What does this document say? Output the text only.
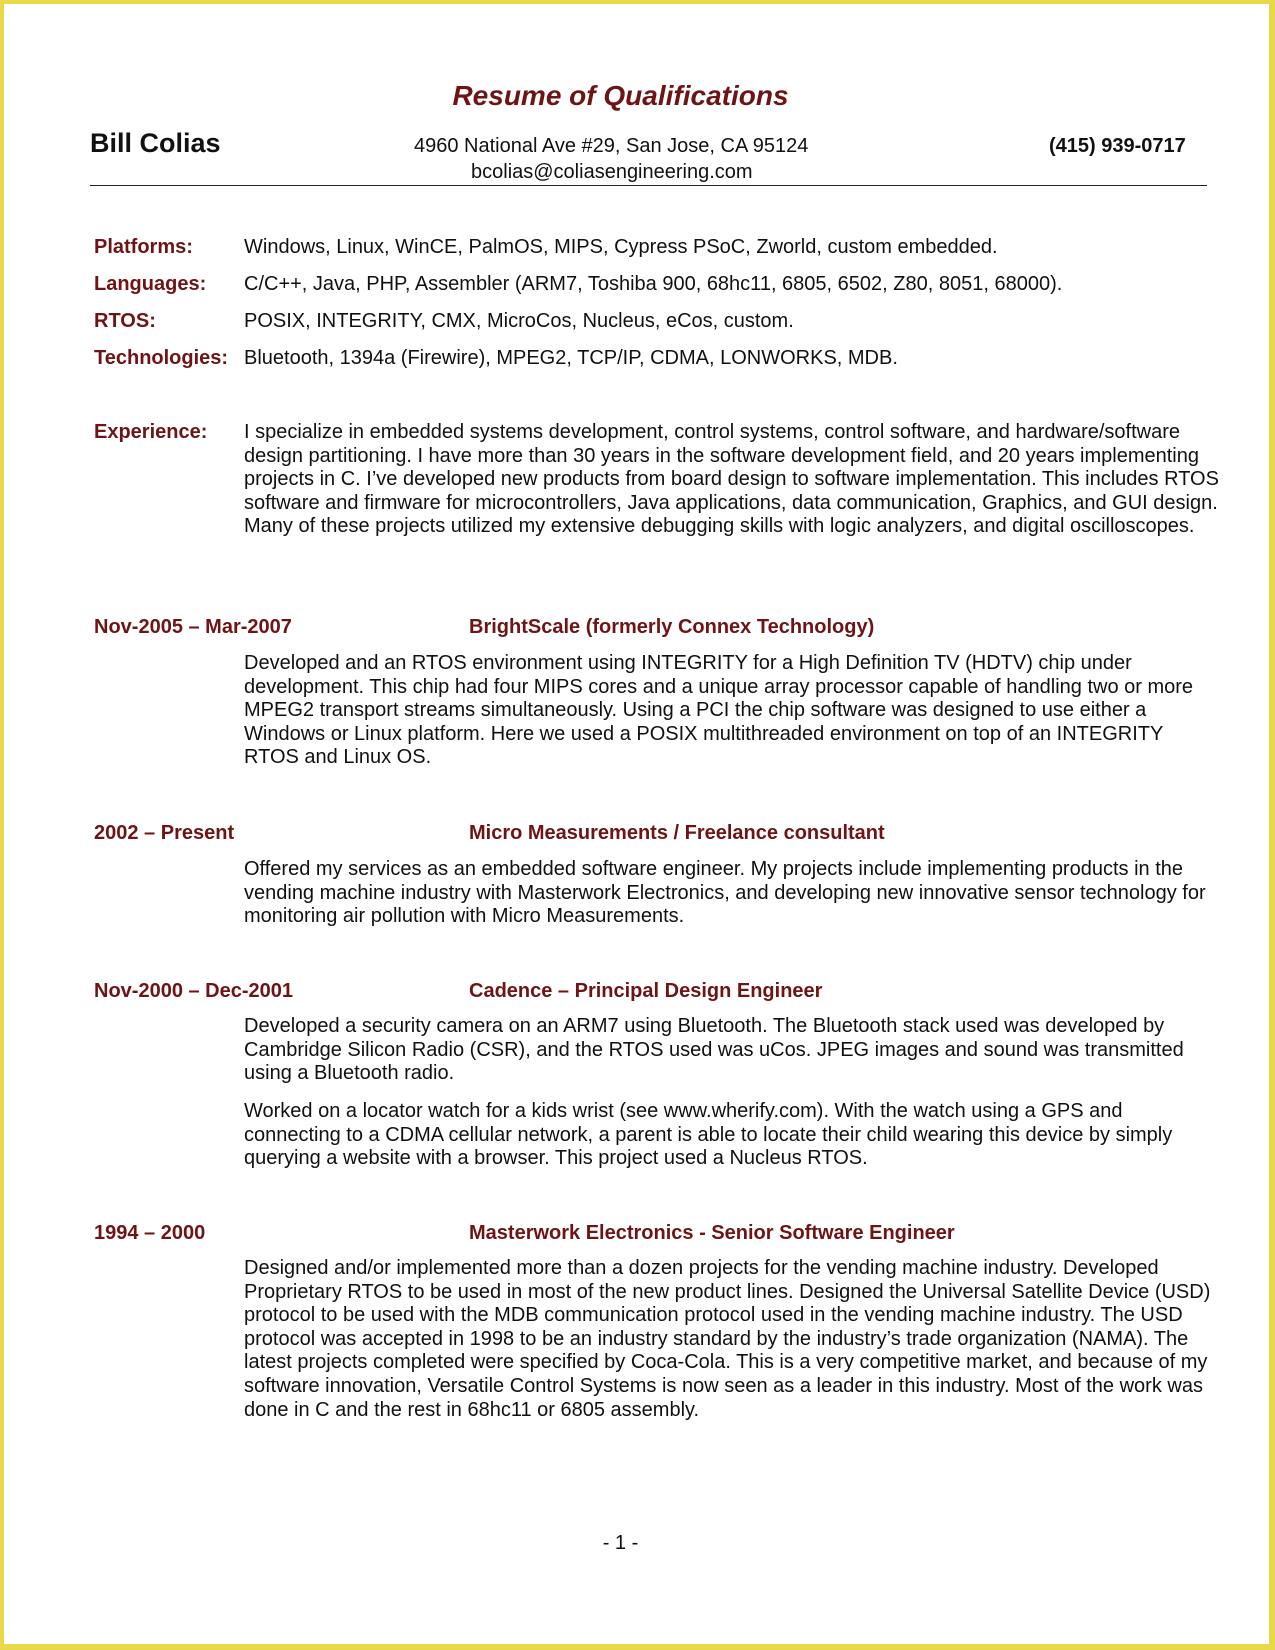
Resume of Qualifications
Bill Colias	4960 National Ave #29, San Jose, CA 95124
bcolias@coliasengineering.com
(415) 939-0717
Platforms:	Windows, Linux, WinCE, PalmOS, MIPS, Cypress PSoC, Zworld, custom embedded.
Languages: C/C++, Java, PHP, Assembler (ARM7, Toshiba 900, 68hc11, 6805, 6502, Z80, 8051, 68000).
RTOS:	POSIX, INTEGRITY, CMX, MicroCos, Nucleus, eCos, custom.
Technologies: Bluetooth, 1394a (Firewire), MPEG2, TCP/IP, CDMA, LONWORKS, MDB.
Experience: I specialize in embedded systems development, control systems, control software, and hardware/software design partitioning. I have more than 30 years in the software development field, and 20 years implementing projects in C. I’ve developed new products from board design to software implementation. This includes RTOS software and firmware for microcontrollers, Java applications, data communication, Graphics, and GUI design. Many of these projects utilized my extensive debugging skills with logic analyzers, and digital oscilloscopes.
Nov-2005 – Mar-2007	BrightScale (formerly Connex Technology)
Developed and an RTOS environment using INTEGRITY for a High Definition TV (HDTV) chip under development. This chip had four MIPS cores and a unique array processor capable of handling two or more MPEG2 transport streams simultaneously. Using a PCI the chip software was designed to use either a Windows or Linux platform. Here we used a POSIX multithreaded environment on top of an INTEGRITY RTOS and Linux OS.
2002 – Present	Micro Measurements / Freelance consultant
Offered my services as an embedded software engineer. My projects include implementing products in the vending machine industry with Masterwork Electronics, and developing new innovative sensor technology for monitoring air pollution with Micro Measurements.
Nov-2000 – Dec-2001	Cadence – Principal Design Engineer
Developed a security camera on an ARM7 using Bluetooth. The Bluetooth stack used was developed by Cambridge Silicon Radio (CSR), and the RTOS used was uCos. JPEG images and sound was transmitted using a Bluetooth radio.
Worked on a locator watch for a kids wrist (see www.wherify.com). With the watch using a GPS and connecting to a CDMA cellular network, a parent is able to locate their child wearing this device by simply querying a website with a browser. This project used a Nucleus RTOS.
1994 – 2000	Masterwork Electronics - Senior Software Engineer
Designed and/or implemented more than a dozen projects for the vending machine industry. Developed Proprietary RTOS to be used in most of the new product lines. Designed the Universal Satellite Device (USD) protocol to be used with the MDB communication protocol used in the vending machine industry. The USD protocol was accepted in 1998 to be an industry standard by the industry’s trade organization (NAMA). The latest projects completed were specified by Coca-Cola. This is a very competitive market, and because of my software innovation, Versatile Control Systems is now seen as a leader in this industry. Most of the work was done in C and the rest in 68hc11 or 6805 assembly.
- 1 -
